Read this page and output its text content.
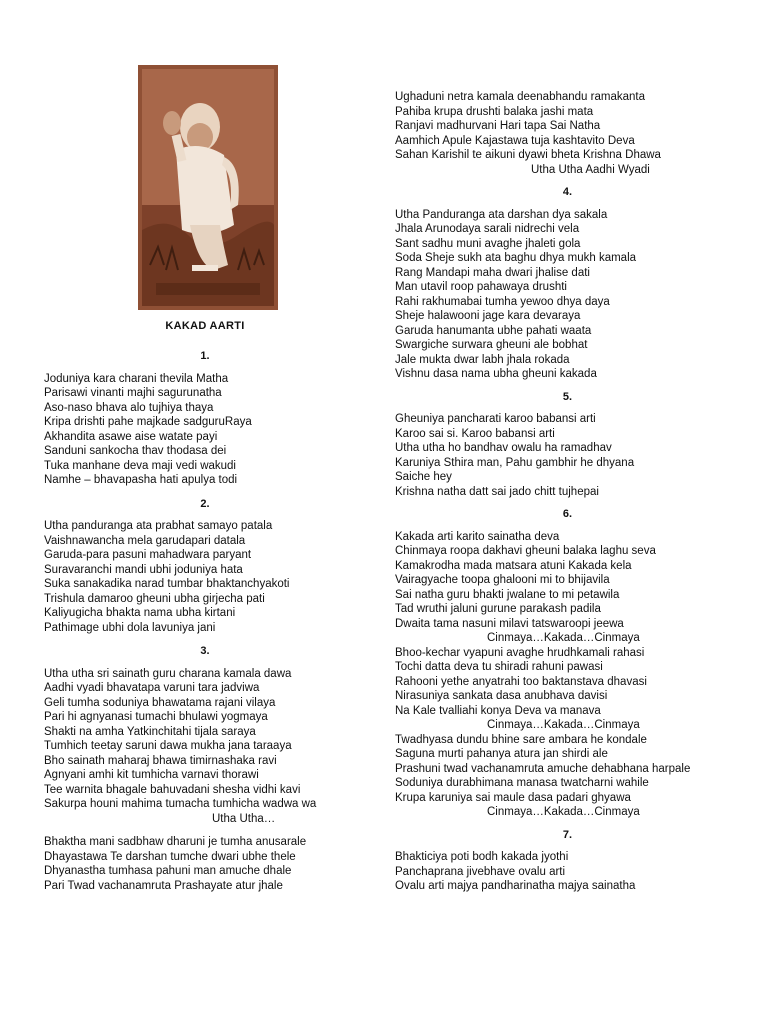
KAKAD AARTI
1.
Joduniya kara charani thevila Matha
Parisawi vinanti majhi sagurunatha
Aso-naso bhava alo tujhiya thaya
Kripa drishti pahe majkade sadguruRaya
Akhandita asawe aise watate payi
Sanduni sankocha thav thodasa dei
Tuka manhane deva maji vedi wakudi
Namhe – bhavapasha hati apulya todi
2.
Utha panduranga ata prabhat samayo patala
Vaishnawancha mela garudapari datala
Garuda-para pasuni mahadwara paryant
Suravaranchi mandi ubhi joduniya hata
Suka sanakadika narad tumbar bhaktanchyakoti
Trishula damaroo gheuni ubha girjecha pati
Kaliyugicha bhakta nama ubha kirtani
Pathimage ubhi dola lavuniya jani
3.
Utha utha sri sainath guru charana kamala dawa
Aadhi vyadi bhavatapa varuni tara jadviwa
Geli tumha soduniya bhawatama rajani vilaya
Pari hi agnyanasi tumachi bhulawi yogmaya
Shakti na amha Yatkinchitahi tijala saraya
Tumhich teetay saruni dawa mukha jana taraaya
Bho sainath maharaj bhawa timirnashaka ravi
Agnyani amhi kit tumhicha varnavi thorawi
Tee warnita bhagale bahuvadani shesha vidhi kavi
Sakurpa houni mahima tumacha tumhicha wadwa wa
Utha Utha…
Bhaktha mani sadbhaw dharuni je tumha anusarale
Dhayastawa Te darshan tumche dwari ubhe thele
Dhyanastha tumhasa pahuni man amuche dhale
Pari Twad vachanamruta Prashayate atur jhale
Ughaduni netra kamala deenabhandu ramakanta
Pahiba krupa drushti balaka jashi mata
Ranjavi madhurvani Hari tapa Sai Natha
Aamhich Apule Kajastawa tuja kashtavito Deva
Sahan Karishil te aikuni dyawi bheta Krishna Dhawa
Utha Utha Aadhi Wyadi
4.
Utha Panduranga ata darshan dya sakala
Jhala Arunodaya sarali nidrechi vela
Sant sadhu muni avaghe jhaleti gola
Soda Sheje sukh ata baghu dhya mukh kamala
Rang Mandapi maha dwari jhalise dati
Man utavil roop pahawaya drushti
Rahi rakhumabai tumha yewoo dhya daya
Sheje halawooni jage kara devaraya
Garuda hanumanta ubhe pahati waata
Swargiche surwara gheuni ale bobhat
Jale mukta dwar labh jhala rokada
Vishnu dasa nama ubha gheuni kakada
5.
Gheuniya pancharati karoo babansi arti
Karoo sai si. Karoo babansi arti
Utha utha ho bandhav owalu ha ramadhav
Karuniya Sthira man, Pahu gambhir he dhyana
Saiche hey
Krishna natha datt sai jado chitt tujhepai
6.
Kakada arti karito sainatha deva
Chinmaya roopa dakhavi gheuni balaka laghu seva
Kamakrodha mada matsara atuni Kakada kela
Vairagyache toopa ghalooni mi to bhijavila
Sai natha guru bhakti jwalane to mi petawila
Tad wruthi jaluni gurune parakash padila
Dwaita tama nasuni milavi tatswaroopi jeewa
Cinmaya…Kakada…Cinmaya
Bhoo-kechar vyapuni avaghe hrudhkamali rahasi
Tochi datta deva tu shiradi rahuni pawasi
Rahooni yethe anyatrahi too baktanstava dhavasi
Nirasuniya sankata dasa anubhava davisi
Na Kale tvalliahi konya Deva va manava
Cinmaya…Kakada…Cinmaya
Twadhyasa dundu bhine sare ambara he kondale
Saguna murti pahanya atura jan shirdi ale
Prashuni twad vachanamruta amuche dehabhana harpale
Soduniya durabhimana manasa twatcharni wahile
Krupa karuniya sai maule dasa padari ghyawa
Cinmaya…Kakada…Cinmaya
7.
Bhakticiya poti bodh kakada jyothi
Panchaprana jivebhave ovalu arti
Ovalu arti majya pandharinatha majya sainatha
